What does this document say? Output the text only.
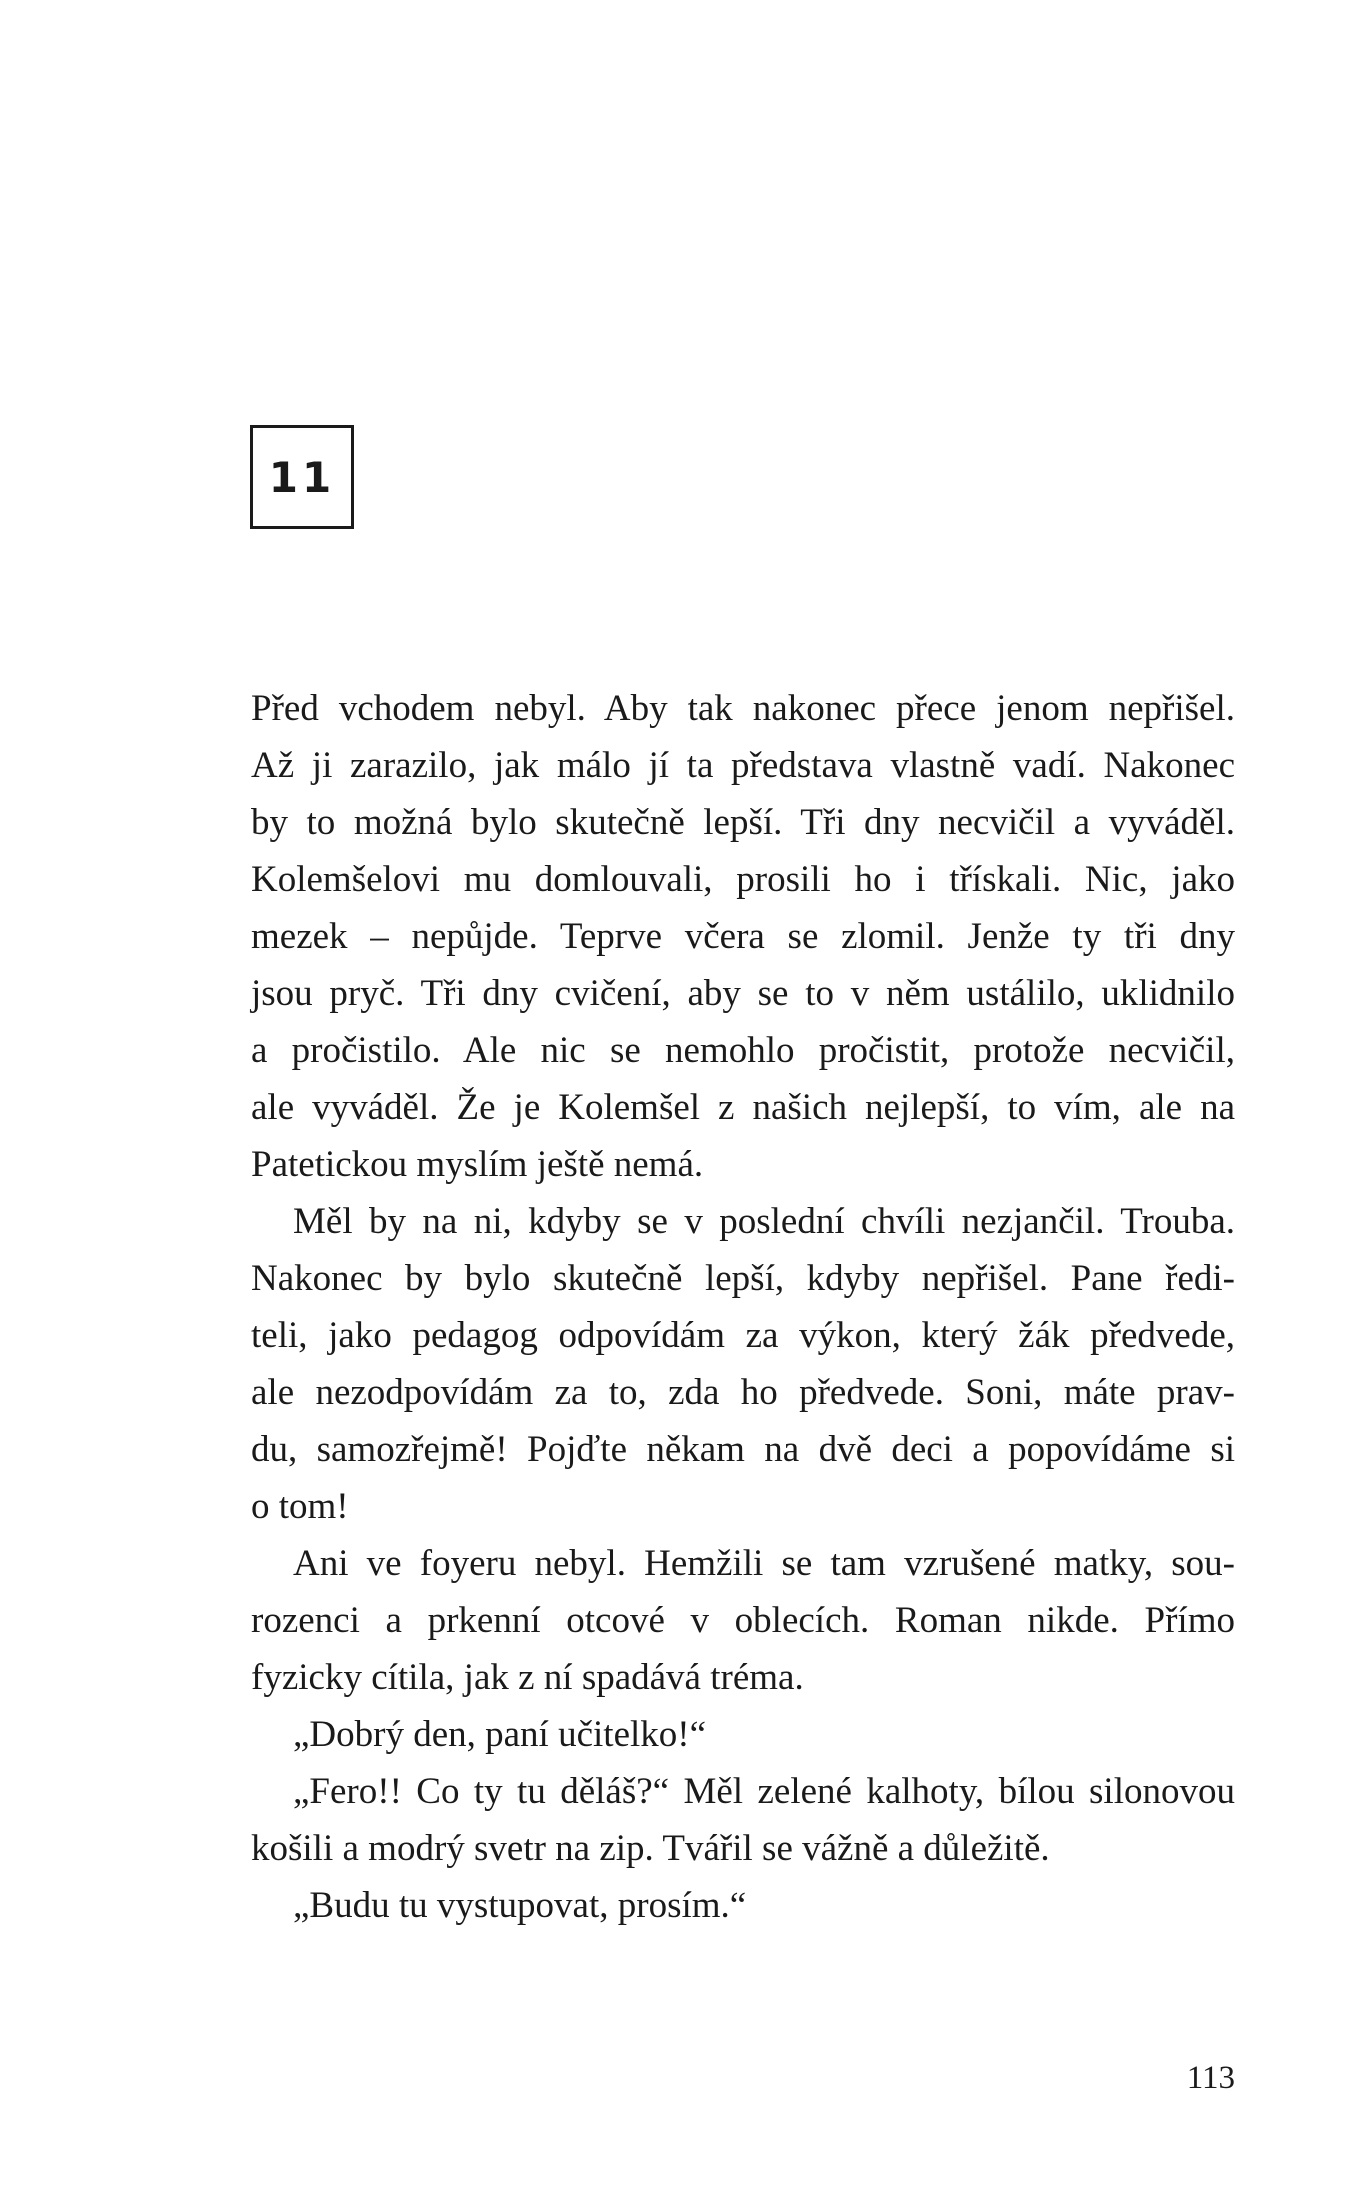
11
Před vchodem nebyl. Aby tak nakonec přece jenom nepřišel.
Až ji zarazilo, jak málo jí ta představa vlastně vadí. Nakonec
by to možná bylo skutečně lepší. Tři dny necvičil a vyváděl.
Kolemšelovi mu domlouvali, prosili ho i třískali. Nic, jako
mezek – nepůjde. Teprve včera se zlomil. Jenže ty tři dny
jsou pryč. Tři dny cvičení, aby se to v něm ustálilo, uklidnilo
a pročistilo. Ale nic se nemohlo pročistit, protože necvičil,
ale vyváděl. Že je Kolemšel z našich nejlepší, to vím, ale na
Patetickou myslím ještě nemá.
Měl by na ni, kdyby se v poslední chvíli nezjančil. Trouba.
Nakonec by bylo skutečně lepší, kdyby nepřišel. Pane ředi-
teli, jako pedagog odpovídám za výkon, který žák předvede,
ale nezodpovídám za to, zda ho předvede. Soni, máte prav-
du, samozřejmě! Pojďte někam na dvě deci a popovídáme si
o tom!
Ani ve foyeru nebyl. Hemžili se tam vzrušené matky, sou-
rozenci a prkenní otcové v oblecích. Roman nikde. Přímo
fyzicky cítila, jak z ní spadává tréma.
„Dobrý den, paní učitelko!“
„Fero!! Co ty tu děláš?“ Měl zelené kalhoty, bílou silonovou
košili a modrý svetr na zip. Tvářil se vážně a důležitě.
„Budu tu vystupovat, prosím.“
113
